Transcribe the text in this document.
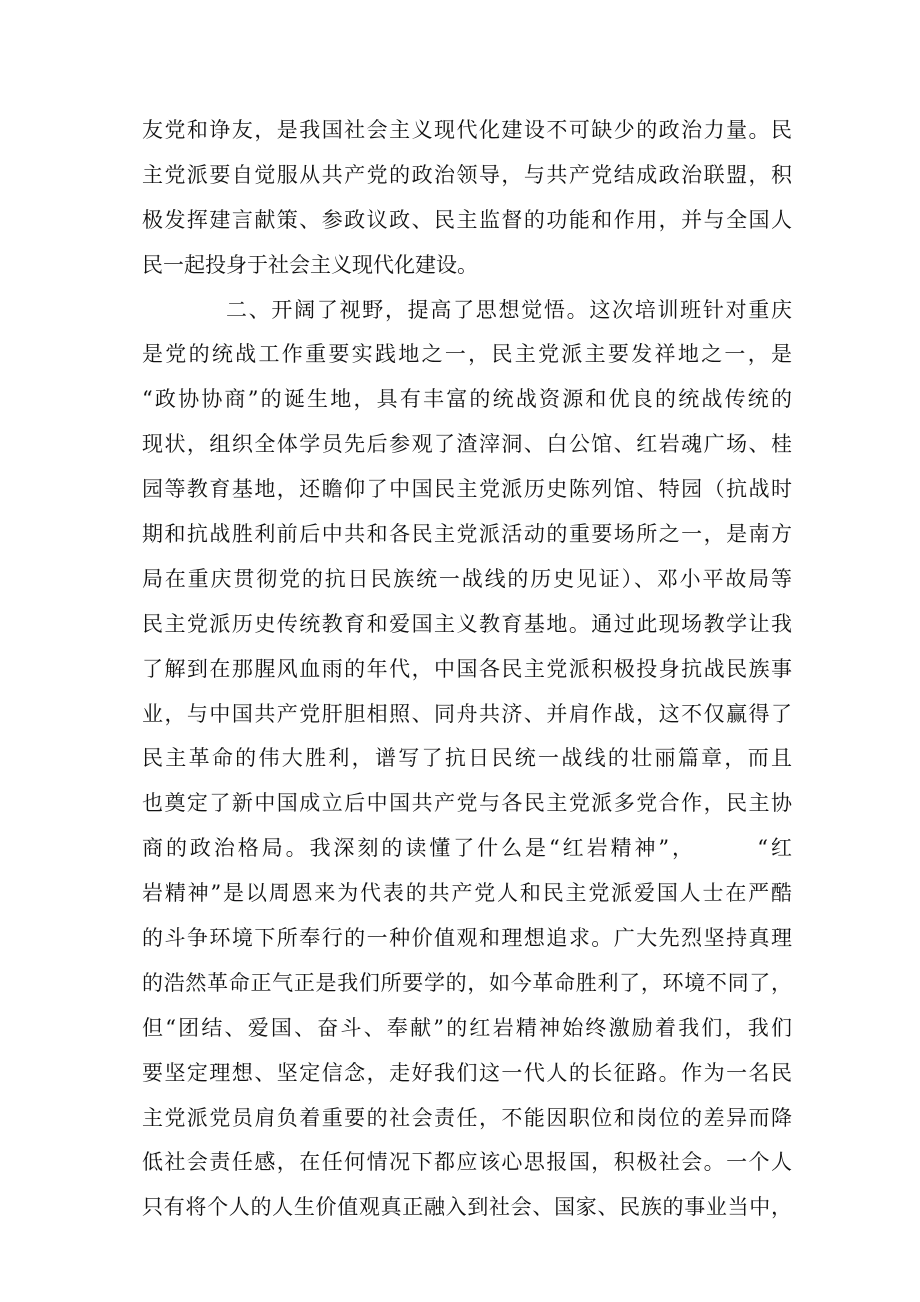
友党和诤友，是我国社会主义现代化建设不可缺少的政治力量。民
主党派要自觉服从共产党的政治领导，与共产党结成政治联盟，积
极发挥建言献策、参政议政、民主监督的功能和作用，并与全国人
民一起投身于社会主义现代化建设。
二、开阔了视野，提高了思想觉悟。这次培训班针对重庆
是党的统战工作重要实践地之一，民主党派主要发祥地之一，是
“政协协商”的诞生地，具有丰富的统战资源和优良的统战传统的
现状，组织全体学员先后参观了渣滓洞、白公馆、红岩魂广场、桂
园等教育基地，还瞻仰了中国民主党派历史陈列馆、特园（抗战时
期和抗战胜利前后中共和各民主党派活动的重要场所之一，是南方
局在重庆贯彻党的抗日民族统一战线的历史见证）、邓小平故局等
民主党派历史传统教育和爱国主义教育基地。通过此现场教学让我
了解到在那腥风血雨的年代，中国各民主党派积极投身抗战民族事
业，与中国共产党肝胆相照、同舟共济、并肩作战，这不仅赢得了
民主革命的伟大胜利，谱写了抗日民统一战线的壮丽篇章，而且
也奠定了新中国成立后中国共产党与各民主党派多党合作，民主协
商的政治格局。我深刻的读懂了什么是“红岩精神”，　　　“红
岩精神”是以周恩来为代表的共产党人和民主党派爱国人士在严酷
的斗争环境下所奉行的一种价值观和理想追求。广大先烈坚持真理
的浩然革命正气正是我们所要学的，如今革命胜利了，环境不同了，
但“团结、爱国、奋斗、奉献”的红岩精神始终激励着我们，我们
要坚定理想、坚定信念，走好我们这一代人的长征路。作为一名民
主党派党员肩负着重要的社会责任，不能因职位和岗位的差异而降
低社会责任感，在任何情况下都应该心思报国，积极社会。一个人
只有将个人的人生价值观真正融入到社会、国家、民族的事业当中，
